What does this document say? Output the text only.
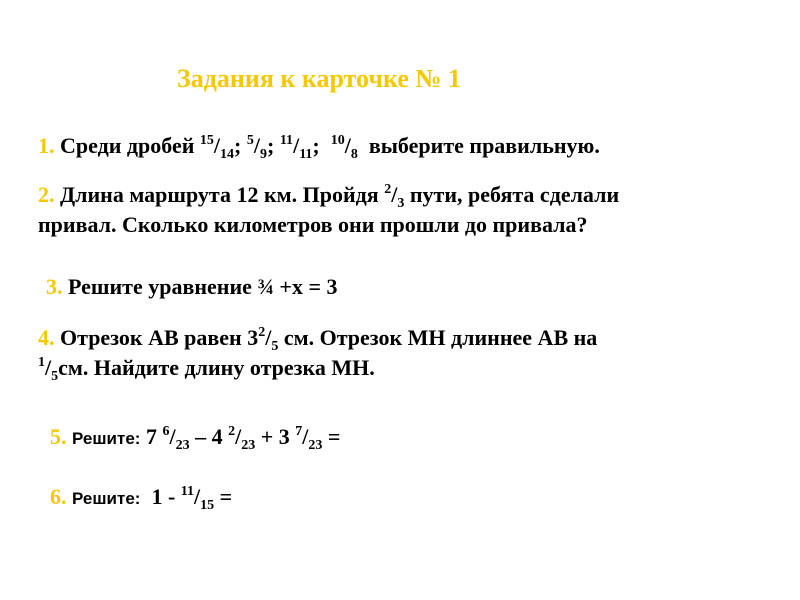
Задания к карточке № 1
1. Среди дробей $^{15}/_{14}$; $^5/_9$; $^{11}/_{11}$; $^{10}/_8$ выберите правильную.
2. Длина маршрута 12 км. Пройдя $^2/_3$ пути, ребята сделали
привал. Сколько километров они прошли до привала?
3. Решите уравнение ¾ +х = 3
4. Отрезок АВ равен $3^2/_5$ см. Отрезок МН длиннее АВ на
$^1/_5см$. Найдите длину отрезка МН.
5. Решите: 7 $^6/_{23} - 4$ $^2/_{23} + 3$ $^7/_{23}$ =
6. Решите: $1 - ^{11}/_{15}$ =
